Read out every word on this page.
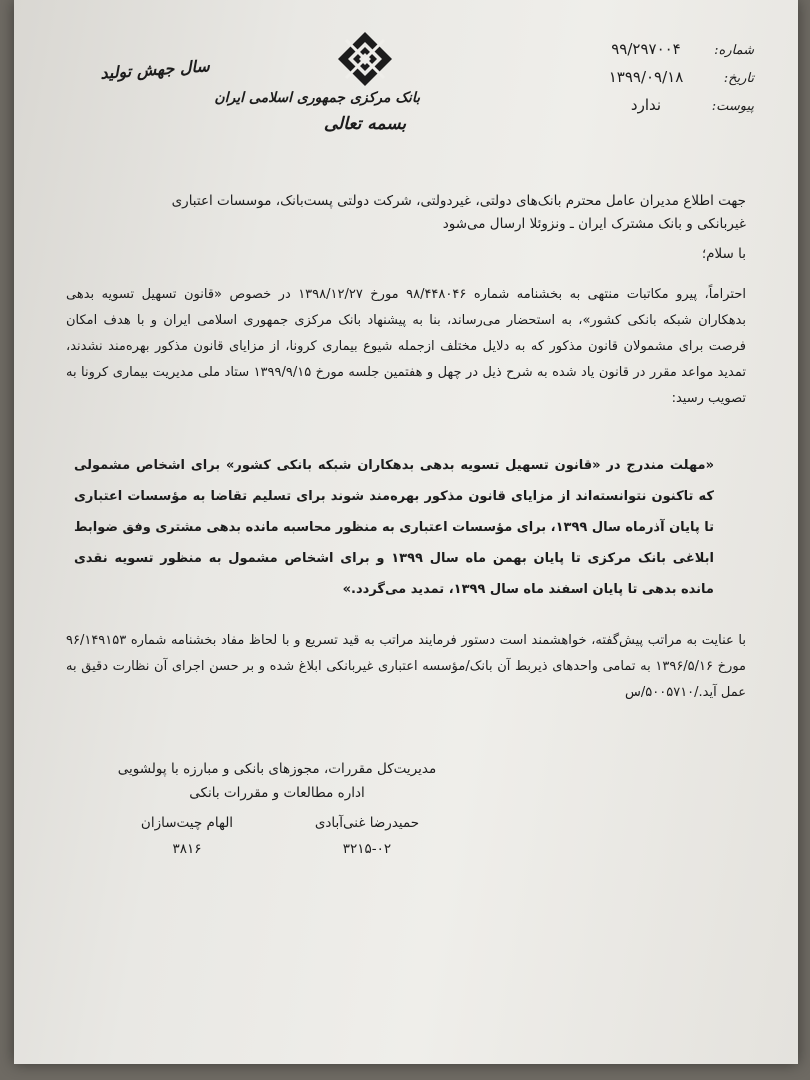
شماره:
۹۹/۲۹۷۰۰۴
تاریخ:
۱۳۹۹/۰۹/۱۸
پیوست:
ندارد
بانک مرکزی جمهوری اسلامی ایران
بسمه تعالی
سال جهش تولید
جهت اطلاع مدیران عامل محترم بانک‌های دولتی، غیردولتی، شرکت دولتی پست‌بانک، موسسات اعتباری
غیربانکی و بانک مشترک ایران ـ ونزوئلا ارسال می‌شود
با سلام؛
احتراماً، پیرو مکاتبات منتهی به بخشنامه شماره ۹۸/۴۴۸۰۴۶ مورخ ۱۳۹۸/۱۲/۲۷ در خصوص «قانون تسهیل تسویه بدهی بدهکاران شبکه بانکی کشور»، به استحضار می‌رساند، بنا به پیشنهاد بانک مرکزی جمهوری اسلامی ایران و با هدف امکان فرصت برای مشمولان قانون مذکور که به دلایل مختلف ازجمله شیوع بیماری کرونا، از مزایای قانون مذکور بهره‌مند نشدند، تمدید مواعد مقرر در قانون یاد شده به شرح ذیل در چهل و هفتمین جلسه مورخ ۱۳۹۹/۹/۱۵ ستاد ملی مدیریت بیماری کرونا به تصویب رسید:
«مهلت مندرج در «قانون تسهیل تسویه بدهی بدهکاران شبکه بانکی کشور» برای اشخاص مشمولی که تاکنون نتوانسته‌اند از مزایای قانون مذکور بهره‌مند شوند برای تسلیم تقاضا به مؤسسات اعتباری تا پایان آذرماه سال ۱۳۹۹، برای مؤسسات اعتباری به منظور محاسبه مانده بدهی مشتری وفق ضوابط ابلاغی بانک مرکزی تا پایان بهمن ماه سال ۱۳۹۹ و برای اشخاص مشمول به منظور تسویه نقدی مانده بدهی تا پایان اسفند ماه سال ۱۳۹۹، تمدید می‌گردد.»
با عنایت به مراتب پیش‌گفته، خواهشمند است دستور فرمایند مراتب به قید تسریع و با لحاظ مفاد بخشنامه شماره ۹۶/۱۴۹۱۵۳ مورخ ۱۳۹۶/۵/۱۶ به تمامی واحدهای ذیربط آن بانک/مؤسسه اعتباری غیربانکی ابلاغ شده و بر حسن اجرای آن نظارت دقیق به عمل آید./۵۰۰۵۷۱۰/س
مدیریت‌کل مقررات، مجوزهای بانکی و مبارزه با پولشویی
اداره مطالعات و مقررات بانکی
حمیدرضا غنی‌آبادی
۳۲۱۵-۰۲
الهام چیت‌سازان
۳۸۱۶
